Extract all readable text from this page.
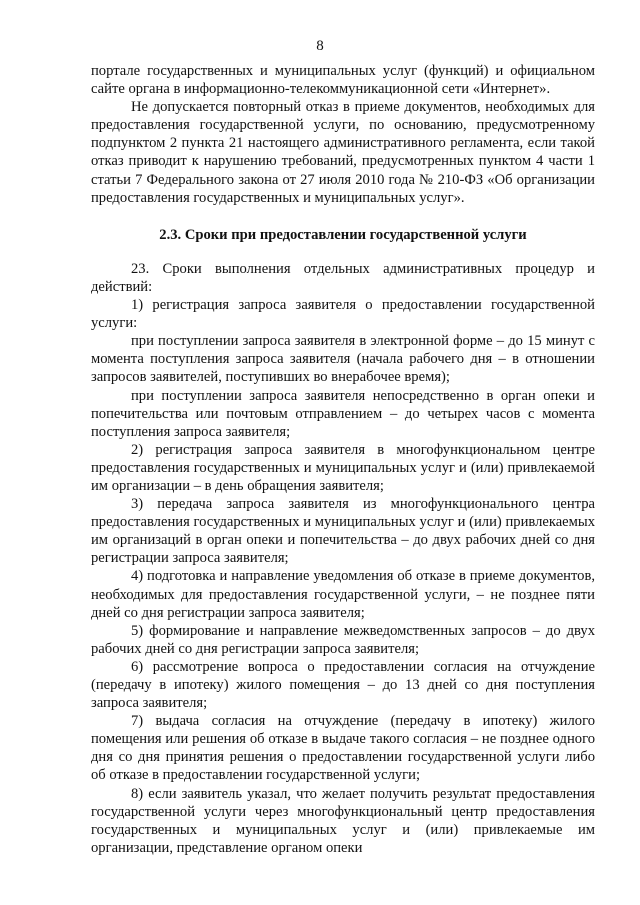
8

порталe государственных и муниципальных услуг (функций) и официальном сайте органа в информационно-телекоммуникационной сети «Интернет».

Не допускается повторный отказ в приеме документов, необходимых для предоставления государственной услуги, по основанию, предусмотренному подпунктом 2 пункта 21 настоящего административного регламента, если такой отказ приводит к нарушению требований, предусмотренных пунктом 4 части 1 статьи 7 Федерального закона от 27 июля 2010 года № 210-ФЗ «Об организации предоставления государственных и муниципальных услуг».

2.3. Сроки при предоставлении государственной услуги

23. Сроки выполнения отдельных административных процедур и действий:

1) регистрация запроса заявителя о предоставлении государственной услуги:

при поступлении запроса заявителя в электронной форме – до 15 минут с момента поступления запроса заявителя (начала рабочего дня – в отношении запросов заявителей, поступивших во внерабочее время);

при поступлении запроса заявителя непосредственно в орган опеки и попечительства или почтовым отправлением – до четырех часов с момента поступления запроса заявителя;

2) регистрация запроса заявителя в многофункциональном центре предоставления государственных и муниципальных услуг и (или) привлекаемой им организации – в день обращения заявителя;

3) передача запроса заявителя из многофункционального центра предоставления государственных и муниципальных услуг и (или) привлекаемых им организаций в орган опеки и попечительства – до двух рабочих дней со дня регистрации запроса заявителя;

4) подготовка и направление уведомления об отказе в приеме документов, необходимых для предоставления государственной услуги, – не позднее пяти дней со дня регистрации запроса заявителя;

5) формирование и направление межведомственных запросов – до двух рабочих дней со дня регистрации запроса заявителя;

6) рассмотрение вопроса о предоставлении согласия на отчуждение (передачу в ипотеку) жилого помещения – до 13 дней со дня поступления запроса заявителя;

7) выдача согласия на отчуждение (передачу в ипотеку) жилого помещения или решения об отказе в выдаче такого согласия – не позднее одного дня со дня принятия решения о предоставлении государственной услуги либо об отказе в предоставлении государственной услуги;

8) если заявитель указал, что желает получить результат предоставления государственной услуги через многофункциональный центр предоставления государственных и муниципальных услуг и (или) привлекаемые им организации, представление органом опеки
